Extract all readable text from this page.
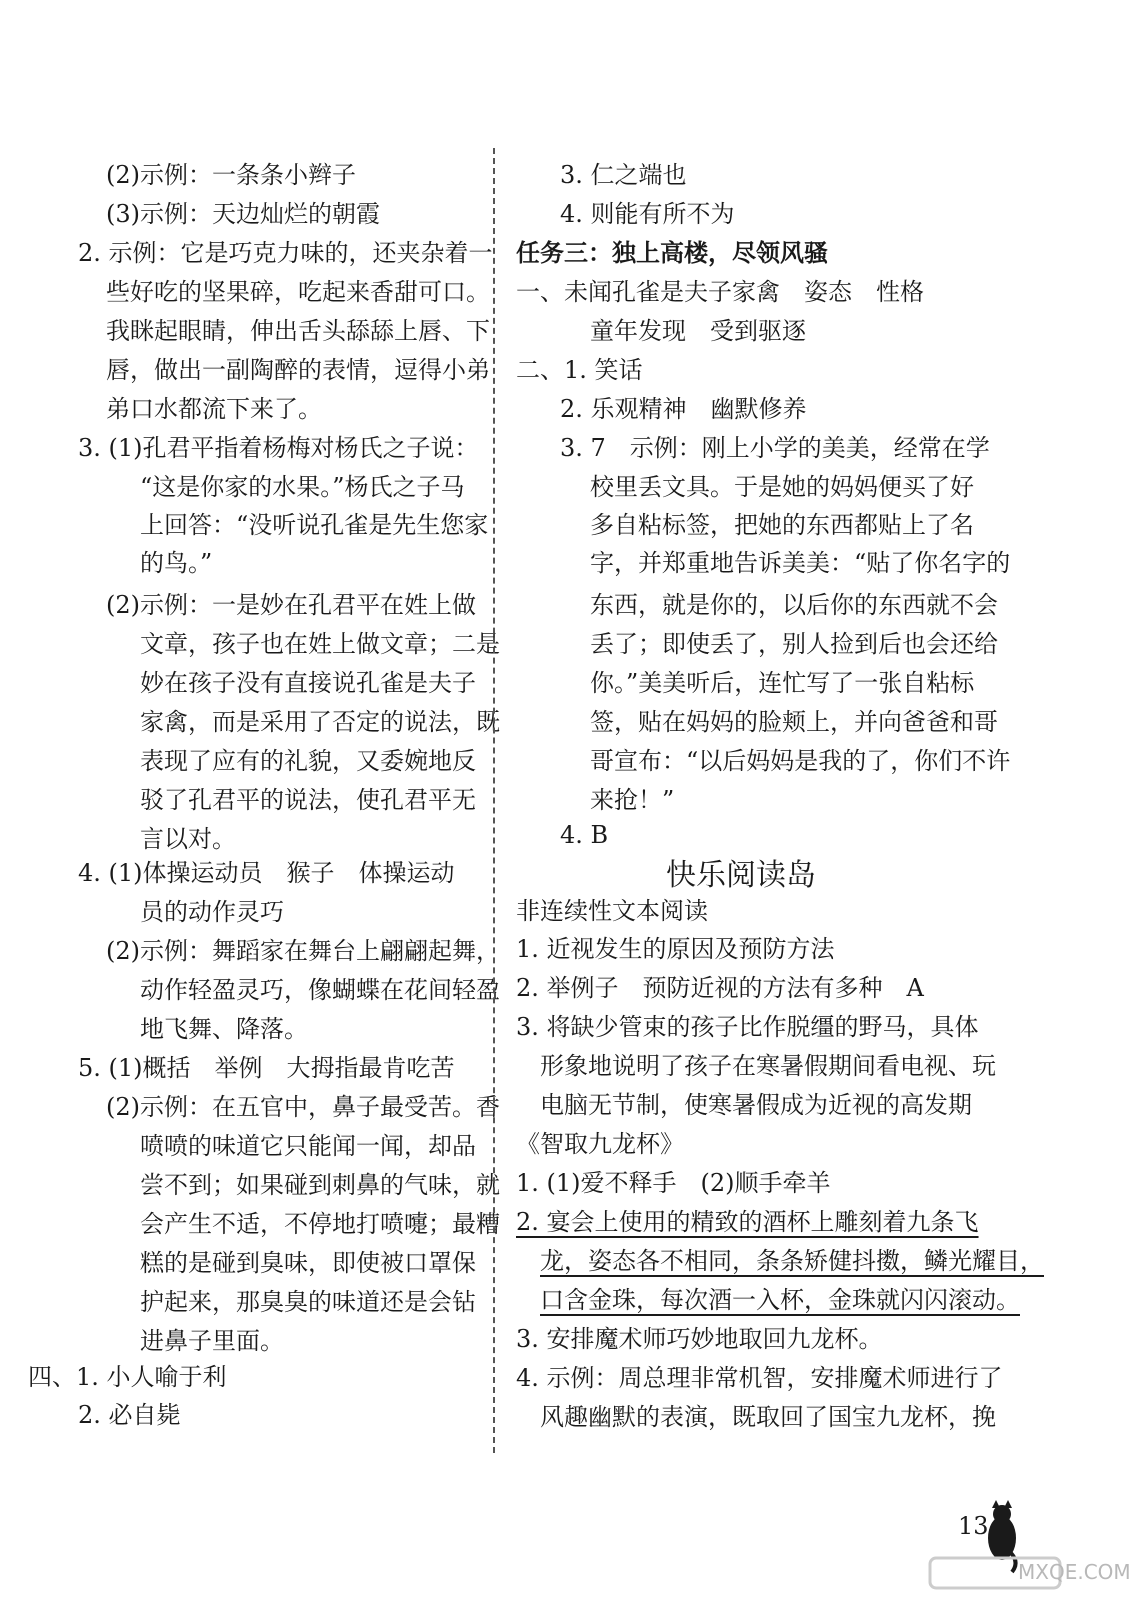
(2)示例：一条条小辫子
(3)示例：天边灿烂的朝霞
2. 示例：它是巧克力味的，还夹杂着一
些好吃的坚果碎，吃起来香甜可口。
我眯起眼睛，伸出舌头舔舔上唇、下
唇，做出一副陶醉的表情，逗得小弟
弟口水都流下来了。
3. (1)孔君平指着杨梅对杨氏之子说：
“这是你家的水果。”杨氏之子马
上回答：“没听说孔雀是先生您家
的鸟。”
(2)示例：一是妙在孔君平在姓上做
文章，孩子也在姓上做文章；二是
妙在孩子没有直接说孔雀是夫子
家禽，而是采用了否定的说法，既
表现了应有的礼貌，又委婉地反
驳了孔君平的说法，使孔君平无
言以对。
4. (1)体操运动员　猴子　体操运动
员的动作灵巧
(2)示例：舞蹈家在舞台上翩翩起舞，
动作轻盈灵巧，像蝴蝶在花间轻盈
地飞舞、降落。
5. (1)概括　举例　大拇指最肯吃苦
(2)示例：在五官中，鼻子最受苦。香
喷喷的味道它只能闻一闻，却品
尝不到；如果碰到刺鼻的气味，就
会产生不适，不停地打喷嚏；最糟
糕的是碰到臭味，即使被口罩保
护起来，那臭臭的味道还是会钻
进鼻子里面。
四、1. 小人喻于利
2. 必自毙
3. 仁之端也
4. 则能有所不为
任务三：独上高楼，尽领风骚
一、未闻孔雀是夫子家禽　姿态　性格
童年发现　受到驱逐
二、1. 笑话
2. 乐观精神　幽默修养
3. 7　示例：刚上小学的美美，经常在学
校里丢文具。于是她的妈妈便买了好
多自粘标签，把她的东西都贴上了名
字，并郑重地告诉美美：“贴了你名字的
东西，就是你的，以后你的东西就不会
丢了；即使丢了，别人捡到后也会还给
你。”美美听后，连忙写了一张自粘标
签，贴在妈妈的脸颊上，并向爸爸和哥
哥宣布：“以后妈妈是我的了，你们不许
来抢！”
4. B
快乐阅读岛
非连续性文本阅读
1. 近视发生的原因及预防方法
2. 举例子　预防近视的方法有多种　A
3. 将缺少管束的孩子比作脱缰的野马，具体
形象地说明了孩子在寒暑假期间看电视、玩
电脑无节制，使寒暑假成为近视的高发期
《智取九龙杯》
1. (1)爱不释手　(2)顺手牵羊
2. 宴会上使用的精致的酒杯上雕刻着九条飞
龙，姿态各不相同，条条矫健抖擞，鳞光耀目，
口含金珠，每次酒一入杯，金珠就闪闪滚动。
3. 安排魔术师巧妙地取回九龙杯。
4. 示例：周总理非常机智，安排魔术师进行了
风趣幽默的表演，既取回了国宝九龙杯，挽
13
MXQE.COM
